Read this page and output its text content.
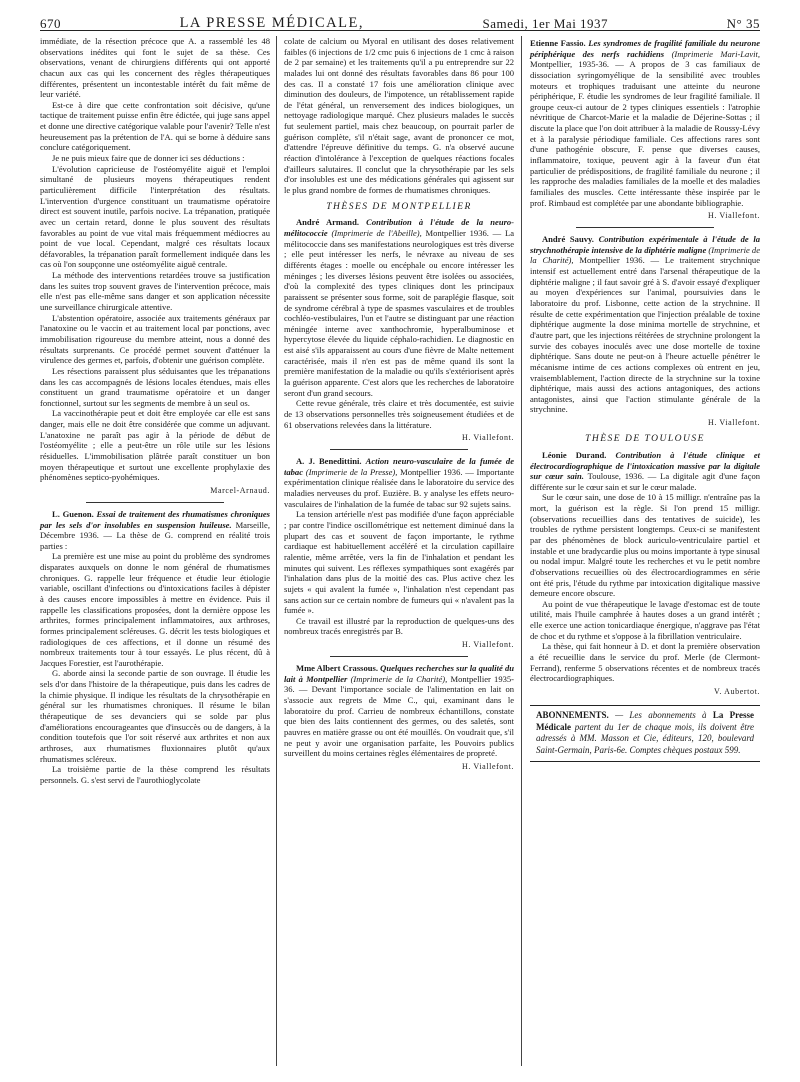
670	LA PRESSE MÉDICALE,	Samedi, 1er Mai 1937	N° 35

immédiate, de la résection précoce que A. a rassemblé les 48 observations inédites qui font le sujet de sa thèse. Ces observations, venant de chirurgiens différents qui ont apporté chacun aux cas qui les concernent des règles thérapeutiques différentes, présentent un incontestable intérêt du fait même de leur variété.

Est-ce à dire que cette confrontation soit décisive, qu'une tactique de traitement puisse enfin être édictée, qui juge sans appel et donne une directive catégorique valable pour l'avenir? Telle n'est heureusement pas la prétention de l'A. qui se borne à déduire sans conclure catégoriquement.

Je ne puis mieux faire que de donner ici ses déductions :

L'évolution capricieuse de l'ostéomyélite aiguë et l'emploi simultané de plusieurs moyens thérapeutiques rendent particulièrement difficile l'interprétation des résultats. L'intervention d'urgence constituant un traumatisme opératoire direct est souvent inutile, parfois nocive. La trépanation, pratiquée avec un certain retard, donne le plus souvent des résultats favorables au point de vue vital mais fréquemment médiocres au point de vue local. Cependant, malgré ces résultats locaux défavorables, la trépanation paraît formellement indiquée dans les cas où l'on soupçonne une ostéomyélite aiguë centrale.

La méthode des interventions retardées trouve sa justification dans les suites trop souvent graves de l'intervention précoce, mais elle n'est pas elle-même sans danger et son application nécessite une surveillance chirurgicale attentive.

L'abstention opératoire, associée aux traitements généraux par l'anatoxine ou le vaccin et au traitement local par ponctions, avec immobilisation rigoureuse du membre atteint, nous a donné des résultats surprenants. Ce procédé permet souvent d'atténuer la virulence des germes et, parfois, d'obtenir une guérison complète.

Les résections paraissent plus séduisantes que les trépanations dans les cas accompagnés de lésions locales étendues, mais elles constituent un grand traumatisme opératoire et un danger fonctionnel, surtout sur les segments de membre à un seul os.

La vaccinothérapie peut et doit être employée car elle est sans danger, mais elle ne doit être considérée que comme un adjuvant. L'anatoxine ne paraît pas agir à la période de début de l'ostéomyélite ; elle a peut-être un rôle utile sur les lésions résiduelles. L'immobilisation plâtrée paraît constituer un bon moyen thérapeutique et surtout une excellente prophylaxie des phénomènes septico-pyohémiques.

Marcel-Arnaud.

L. Guenon. Essai de traitement des rhumatismes chroniques par les sels d'or insolubles en suspension huileuse. Marseille, Décembre 1936. — La thèse de G. comprend en réalité trois parties :

La première est une mise au point du problème des syndromes disparates auxquels on donne le nom général de rhumatismes chroniques. G. rappelle leur fréquence et étudie leur étiologie variable, oscillant d'infections ou d'intoxications faciles à dépister à des causes encore impossibles à mettre en évidence. Puis il rappelle les classifications proposées, dont la dernière oppose les arthrites, formes principalement inflammatoires, aux arthroses, formes principalement scléreuses. G. décrit les tests biologiques et radiologiques de ces affections, et il donne un résumé des nombreux traitements tour à tour essayés. Le plus récent, dû à Jacques Forestier, est l'aurothérapie.

G. aborde ainsi la seconde partie de son ouvrage. Il étudie les sels d'or dans l'histoire de la thérapeutique, puis dans les cadres de la chimie physique. Il indique les résultats de la chrysothérapie en général sur les rhumatismes chroniques. Il résume le bilan thérapeutique de ses devanciers qui se solde par plus d'améliorations encourageantes que d'insuccès ou de dangers, à la condition toutefois que l'or soit réservé aux arthrites et non aux arthroses, aux rhumatismes fluxionnaires plutôt qu'aux rhumatismes scléreux.

La troisième partie de la thèse comprend les résultats personnels. G. s'est servi de l'aurothioglycolate

colate de calcium ou Myoral en utilisant des doses relativement faibles (6 injections de 1/2 cmc puis 6 injections de 1 cmc à raison de 2 par semaine) et les traitements qu'il a pu entreprendre sur 22 malades lui ont donné des résultats favorables dans 86 pour 100 des cas. Il a constaté 17 fois une amélioration clinique avec diminution des douleurs, de l'impotence, un rétablissement rapide de l'état général, un renversement des indices biologiques, un nettoyage radiologique marqué. Chez plusieurs malades le succès fut seulement partiel, mais chez beaucoup, on pourrait parler de guérison complète, s'il n'était sage, avant de prononcer ce mot, d'attendre l'épreuve définitive du temps. G. n'a observé aucune réaction d'intolérance à l'exception de quelques réactions focales d'ailleurs salutaires. Il conclut que la chrysothérapie par les sels d'or insolubles est une des médications générales qui agissent sur le plus grand nombre de formes de rhumatismes chroniques.

THÈSES DE MONTPELLIER

André Armand. Contribution à l'étude de la neuro-mélitococcie (Imprimerie de l'Abeille), Montpellier 1936. — La mélitococcie dans ses manifestations neurologiques est très diverse ; elle peut intéresser les nerfs, le névraxe au niveau de ses différents étages : moelle ou encéphale ou encore intéresser les méninges ; les diverses lésions peuvent être isolées ou associées, d'où la complexité des types cliniques dont les principaux paraissent se présenter sous forme, soit de paraplégie flasque, soit de syndrome cérébral à type de spasmes vasculaires et de troubles cochléo-vestibulaires, l'un et l'autre se distinguant par une réaction méningée interne avec xanthochromie, hyperalbuminose et hypercytose élevée du liquide céphalo-rachidien. Le diagnostic en est aisé s'ils apparaissent au cours d'une fièvre de Malte nettement caractérisée, mais il n'en est pas de même quand ils sont la première manifestation de la maladie ou qu'ils s'extériorisent après la guérison apparente. C'est alors que les recherches de laboratoire seront d'un grand secours.

Cette revue générale, très claire et très documentée, est suivie de 13 observations personnelles très soigneusement étudiées et de 61 observations relevées dans la littérature.

H. Viallefont.

A. J. Benedittini. Action neuro-vasculaire de la fumée de tabac (Imprimerie de la Presse), Montpellier 1936. — Importante expérimentation clinique réalisée dans le laboratoire du service des maladies nerveuses du prof. Euzière. B. y analyse les effets neuro-vasculaires de l'inhalation de la fumée de tabac sur 92 sujets sains.

La tension artérielle n'est pas modifiée d'une façon appréciable ; par contre l'indice oscillométrique est nettement diminué dans la plupart des cas et souvent de façon importante, le rythme cardiaque est habituellement accéléré et la circulation capillaire ralentie, même arrêtée, vers la fin de l'inhalation et pendant les minutes qui suivent. Les réflexes sympathiques sont exagérés par l'inhalation dans plus de la moitié des cas. Plus active chez les sujets « qui avalent la fumée », l'inhalation n'est cependant pas sans action sur ce certain nombre de fumeurs qui « n'avalent pas la fumée ».

Ce travail est illustré par la reproduction de quelques-uns des nombreux tracés enregistrés par B.

H. Viallefont.

Mme Albert Crassous. Quelques recherches sur la qualité du lait à Montpellier (Imprimerie de la Charité), Montpellier 1935-36. — Devant l'importance sociale de l'alimentation en lait on s'associe aux regrets de Mme C., qui, examinant dans le laboratoire du prof. Carrieu de nombreux échantillons, constate que bien des laits contiennent des germes, ou des saletés, sont pauvres en matière grasse ou ont été mouillés. On voudrait que, s'il ne peut y avoir une organisation parfaite, les Pouvoirs publics surveillent du moins certaines règles élémentaires de propreté.

H. Viallefont.

Etienne Fassio. Les syndromes de fragilité familiale du neurone périphérique des nerfs rachidiens (Imprimerie Mari-Lavit, Montpellier, 1935-36. — A propos de 3 cas familiaux de dissociation syringomyélique de la sensibilité avec troubles moteurs et trophiques traduisant une atteinte du neurone périphérique, F. étudie les syndromes de leur fragilité familiale. Il groupe ceux-ci autour de 2 types cliniques essentiels : l'atrophie névritique de Charcot-Marie et la maladie de Déjerine-Sottas ; il discute la place que l'on doit attribuer à la maladie de Roussy-Lévy et à la paralysie périodique familiale. Ces affections rares sont d'une pathogénie obscure, F. pense que diverses causes, inflammatoire, toxique, peuvent agir à la faveur d'un état particulier de prédispositions, de fragilité familiale du neurone ; il les rapproche des maladies familiales de la moelle et des maladies familiales des muscles. Cette intéressante thèse inspirée par le prof. Rimbaud est complétée par une abondante bibliographie.

H. Viallefont.

André Sauvy. Contribution expérimentale à l'étude de la strychnothérapie intensive de la diphtérie maligne (Imprimerie de la Charité), Montpellier 1936. — Le traitement strychnique intensif est actuellement entré dans l'arsenal thérapeutique de la diphtérie maligne ; il faut savoir gré à S. d'avoir essayé d'expliquer au moyen d'expériences sur l'animal, poursuivies dans le laboratoire du prof. Lisbonne, cette action de la strychnine. Il résulte de cette expérimentation que l'injection préalable de toxine diphtérique augmente la dose minima mortelle de strychnine, et d'autre part, que les injections réitérées de strychnine prolongent la survie des cobayes inoculés avec une dose mortelle de toxine diphtérique. Sans doute ne peut-on à l'heure actuelle pénétrer le mécanisme intime de ces actions complexes où entrent en jeu, vraisemblablement, l'action directe de la strychnine sur la toxine diphtérique, mais aussi des actions antagoniques, des actions antagonistes, ainsi que l'action stimulante générale de la strychnine.

H. Viallefont.
THÈSE DE TOULOUSE

Léonie Durand. Contribution à l'étude clinique et électrocardiographique de l'intoxication massive par la digitale sur cœur sain. Toulouse, 1936. — La digitale agit d'une façon différente sur le cœur sain et sur le cœur malade.

Sur le cœur sain, une dose de 10 à 15 milligr. n'entraîne pas la mort, la guérison est la règle. Si l'on prend 15 milligr. (observations recueillies dans des tentatives de suicide), les troubles de rythme persistent longtemps. Ceux-ci se manifestent par des phénomènes de block auriculo-ventriculaire partiel et instable et une bradycardie plus ou moins importante à type sinusal ou nodal impur. Malgré toute les recherches et vu le petit nombre d'observations recueillies où des électrocardiogrammes en série ont été pris, l'étude du rythme par intoxication digitalique massive demeure encore obscure.

Au point de vue thérapeutique le lavage d'estomac est de toute utilité, mais l'huile camphrée à hautes doses a un grand intérêt ; elle exerce une action tonicardiaque énergique, n'aggrave pas l'état de choc et du rythme et s'oppose à la fibrillation ventriculaire.

La thèse, qui fait honneur à D. et dont la première observation a été recueillie dans le service du prof. Merle (de Clermont-Ferrand), renferme 5 observations récentes et de nombreux tracés électrocardiographiques.

V. Aubertot.
ABONNEMENTS. — Les abonnements à La Presse Médicale partent du 1er de chaque mois, ils doivent être adressés à MM. Masson et Cie, éditeurs, 120, boulevard Saint-Germain, Paris-6e. Comptes chèques postaux 599.
